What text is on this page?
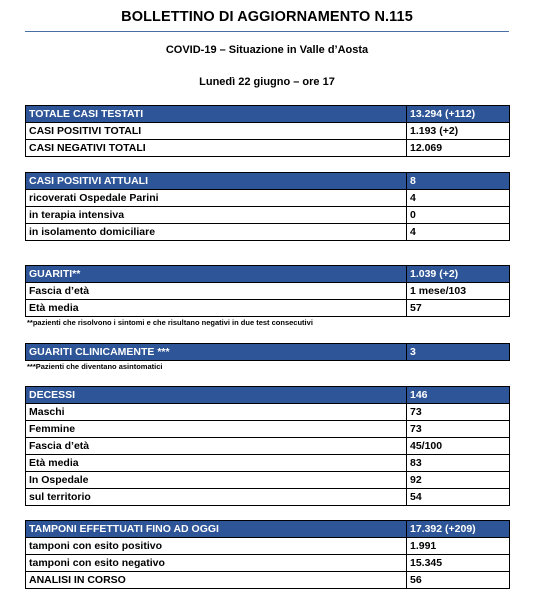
BOLLETTINO DI AGGIORNAMENTO N.115
COVID-19 – Situazione in Valle d’Aosta
Lunedì 22 giugno – ore 17
TOTALE CASI TESTATI	13.294 (+112)
CASI POSITIVI TOTALI	1.193 (+2)
CASI NEGATIVI TOTALI	12.069
CASI POSITIVI ATTUALI	8
ricoverati Ospedale Parini	4
in terapia intensiva	0
in isolamento domiciliare	4
GUARITI**	1.039 (+2)
Fascia d’età	1 mese/103
Età media	57
**pazienti che risolvono i sintomi e che risultano negativi in due test consecutivi
GUARITI CLINICAMENTE ***	3
***Pazienti che diventano asintomatici
DECESSI	146
Maschi	73
Femmine	73
Fascia d’età	45/100
Età media	83
In Ospedale	92
sul territorio	54
TAMPONI EFFETTUATI FINO AD OGGI	17.392 (+209)
tamponi con esito positivo	1.991
tamponi con esito negativo	15.345
ANALISI IN CORSO	56
